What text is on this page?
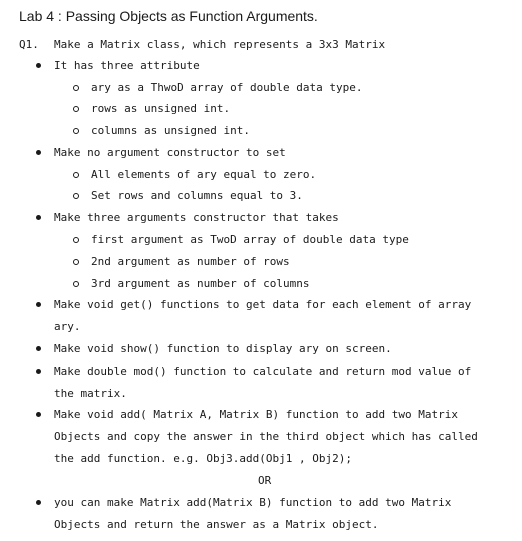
Lab 4 : Passing Objects as Function Arguments.
Q1. Make a Matrix class, which represents a 3x3 Matrix
It has three attribute
ary as a ThwoD array of double data type.
rows as unsigned int.
columns as unsigned int.
Make no argument constructor to set
All elements of ary equal to zero.
Set rows and columns equal to 3.
Make three arguments constructor that takes
first argument as TwoD array of double data type
2nd argument as number of rows
3rd argument as number of columns
Make void get() functions to get data for each element of array
ary.
Make void show() function to display ary on screen.
Make double mod() function to calculate and return mod value of
the matrix.
Make void add( Matrix A, Matrix B) function to add two Matrix
Objects and copy the answer in the third object which has called
the add function. e.g. Obj3.add(Obj1 , Obj2);
OR
you can make Matrix add(Matrix B) function to add two Matrix
Objects and return the answer as a Matrix object.
